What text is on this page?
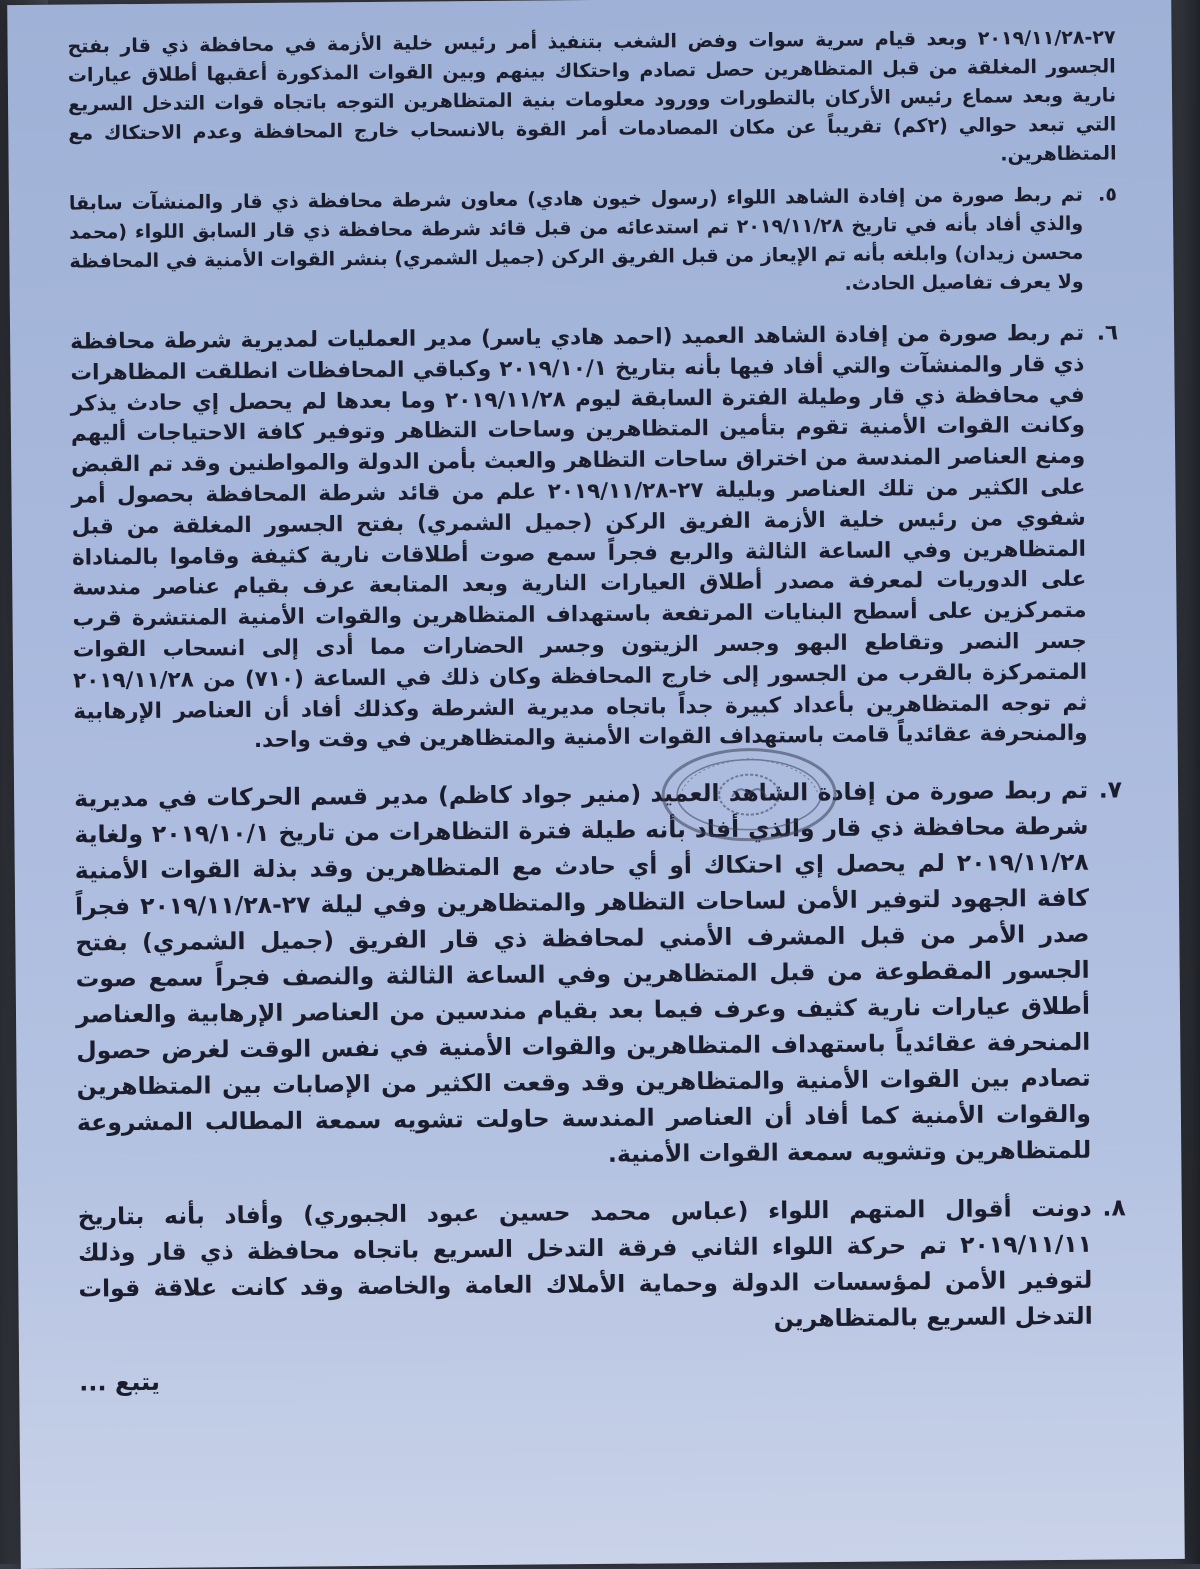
٢٧-٢٠١٩/١١/٢٨ وبعد قيام سرية سوات وفض الشغب بتنفيذ أمر رئيس خلية الأزمة في محافظة ذي قار بفتح الجسور المغلقة من قبل المتظاهرين حصل تصادم واحتكاك بينهم وبين القوات المذكورة أعقبها أطلاق عيارات نارية وبعد سماع رئيس الأركان بالتطورات وورود معلومات بنية المتظاهرين التوجه باتجاه قوات التدخل السريع التي تبعد حوالي (٢كم) تقريباً عن مكان المصادمات أمر القوة بالانسحاب خارج المحافظة وعدم الاحتكاك مع المتظاهرين.

٥.

تم ربط صورة من إفادة الشاهد اللواء (رسول خيون هادي) معاون شرطة محافظة ذي قار والمنشآت سابقا والذي أفاد بأنه في تاريخ ٢٠١٩/١١/٢٨ تم استدعائه من قبل قائد شرطة محافظة ذي قار السابق اللواء (محمد محسن زيدان) وابلغه بأنه تم الإيعاز من قبل الفريق الركن (جميل الشمري) بنشر القوات الأمنية في المحافظة ولا يعرف تفاصيل الحادث.

٦.

تم ربط صورة من إفادة الشاهد العميد (احمد هادي ياسر) مدير العمليات لمديرية شرطة محافظة ذي قار والمنشآت والتي أفاد فيها بأنه بتاريخ ٢٠١٩/١٠/١ وكباقي المحافظات انطلقت المظاهرات في محافظة ذي قار وطيلة الفترة السابقة ليوم ٢٠١٩/١١/٢٨ وما بعدها لم يحصل إي حادث يذكر وكانت القوات الأمنية تقوم بتأمين المتظاهرين وساحات التظاهر وتوفير كافة الاحتياجات أليهم ومنع العناصر المندسة من اختراق ساحات التظاهر والعبث بأمن الدولة والمواطنين وقد تم القبض على الكثير من تلك العناصر وبليلة ٢٧-٢٠١٩/١١/٢٨ علم من قائد شرطة المحافظة بحصول أمر شفوي من رئيس خلية الأزمة الفريق الركن (جميل الشمري) بفتح الجسور المغلقة من قبل المتظاهرين وفي الساعة الثالثة والربع فجراً سمع صوت أطلاقات نارية كثيفة وقاموا بالمناداة على الدوريات لمعرفة مصدر أطلاق العيارات النارية وبعد المتابعة عرف بقيام عناصر مندسة متمركزين على أسطح البنايات المرتفعة باستهداف المتظاهرين والقوات الأمنية المنتشرة قرب جسر النصر وتقاطع البهو وجسر الزيتون وجسر الحضارات مما أدى إلى انسحاب القوات المتمركزة بالقرب من الجسور إلى خارج المحافظة وكان ذلك في الساعة (٧١٠) من ٢٠١٩/١١/٢٨ ثم توجه المتظاهرين بأعداد كبيرة جداً باتجاه مديرية الشرطة وكذلك أفاد أن العناصر الإرهابية والمنحرفة عقائدياً قامت باستهداف القوات الأمنية والمتظاهرين في وقت واحد.

٧.

تم ربط صورة من إفادة الشاهد العميد (منير جواد كاظم) مدير قسم الحركات في مديرية شرطة محافظة ذي قار والذي أفاد بأنه طيلة فترة التظاهرات من تاريخ ٢٠١٩/١٠/١ ولغاية ٢٠١٩/١١/٢٨ لم يحصل إي احتكاك أو أي حادث مع المتظاهرين وقد بذلة القوات الأمنية كافة الجهود لتوفير الأمن لساحات التظاهر والمتظاهرين وفي ليلة ٢٧-٢٠١٩/١١/٢٨ فجراً صدر الأمر من قبل المشرف الأمني لمحافظة ذي قار الفريق (جميل الشمري) بفتح الجسور المقطوعة من قبل المتظاهرين وفي الساعة الثالثة والنصف فجراً سمع صوت أطلاق عيارات نارية كثيف وعرف فيما بعد بقيام مندسين من العناصر الإرهابية والعناصر المنحرفة عقائدياً باستهداف المتظاهرين والقوات الأمنية في نفس الوقت لغرض حصول تصادم بين القوات الأمنية والمتظاهرين وقد وقعت الكثير من الإصابات بين المتظاهرين والقوات الأمنية كما أفاد أن العناصر المندسة حاولت تشويه سمعة المطالب المشروعة للمتظاهرين وتشويه سمعة القوات الأمنية.

٨.

دونت أقوال المتهم اللواء (عباس محمد حسين عبود الجبوري) وأفاد بأنه بتاريخ ٢٠١٩/١١/١١ تم حركة اللواء الثاني فرقة التدخل السريع باتجاه محافظة ذي قار وذلك لتوفير الأمن لمؤسسات الدولة وحماية الأملاك العامة والخاصة وقد كانت علاقة قوات التدخل السريع بالمتظاهرين

يتبع ...
